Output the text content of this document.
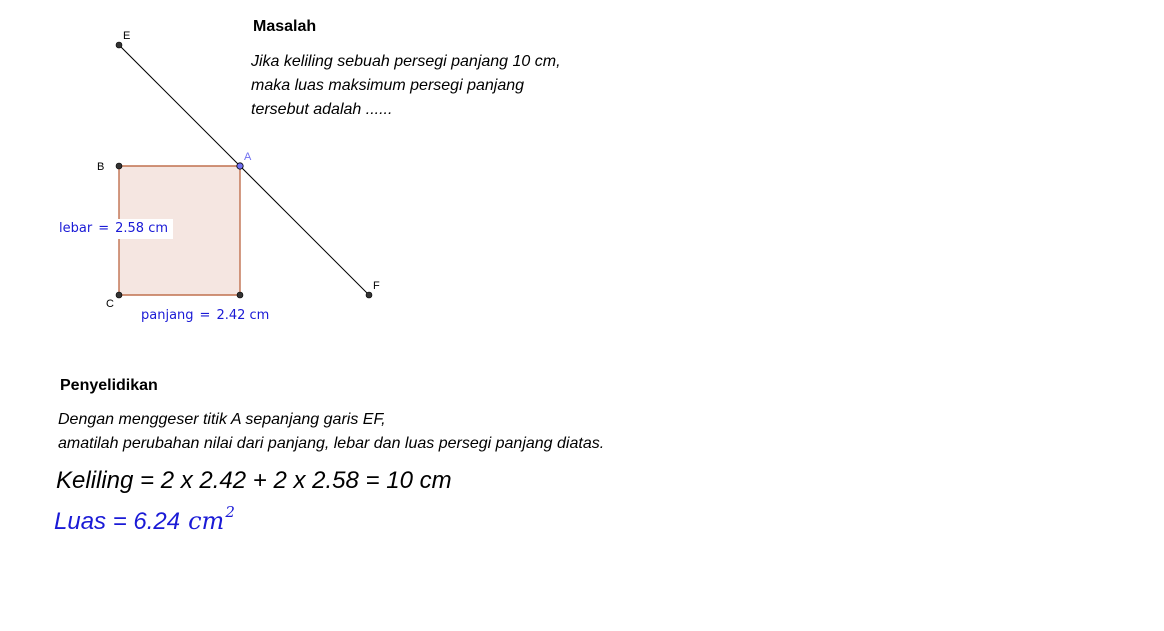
E
A
B
C
F
Masalah
Jika keliling sebuah persegi panjang 10 cm,
maka luas maksimum persegi panjang
tersebut adalah ......
lebar = 2.58 cm
panjang = 2.42 cm
Penyelidikan
Dengan menggeser titik A sepanjang garis EF,
amatilah perubahan nilai dari panjang, lebar dan luas persegi panjang diatas.
Keliling = 2 x 2.42 + 2 x 2.58 = 10 cm
Luas = 6.24 $cm^2$
